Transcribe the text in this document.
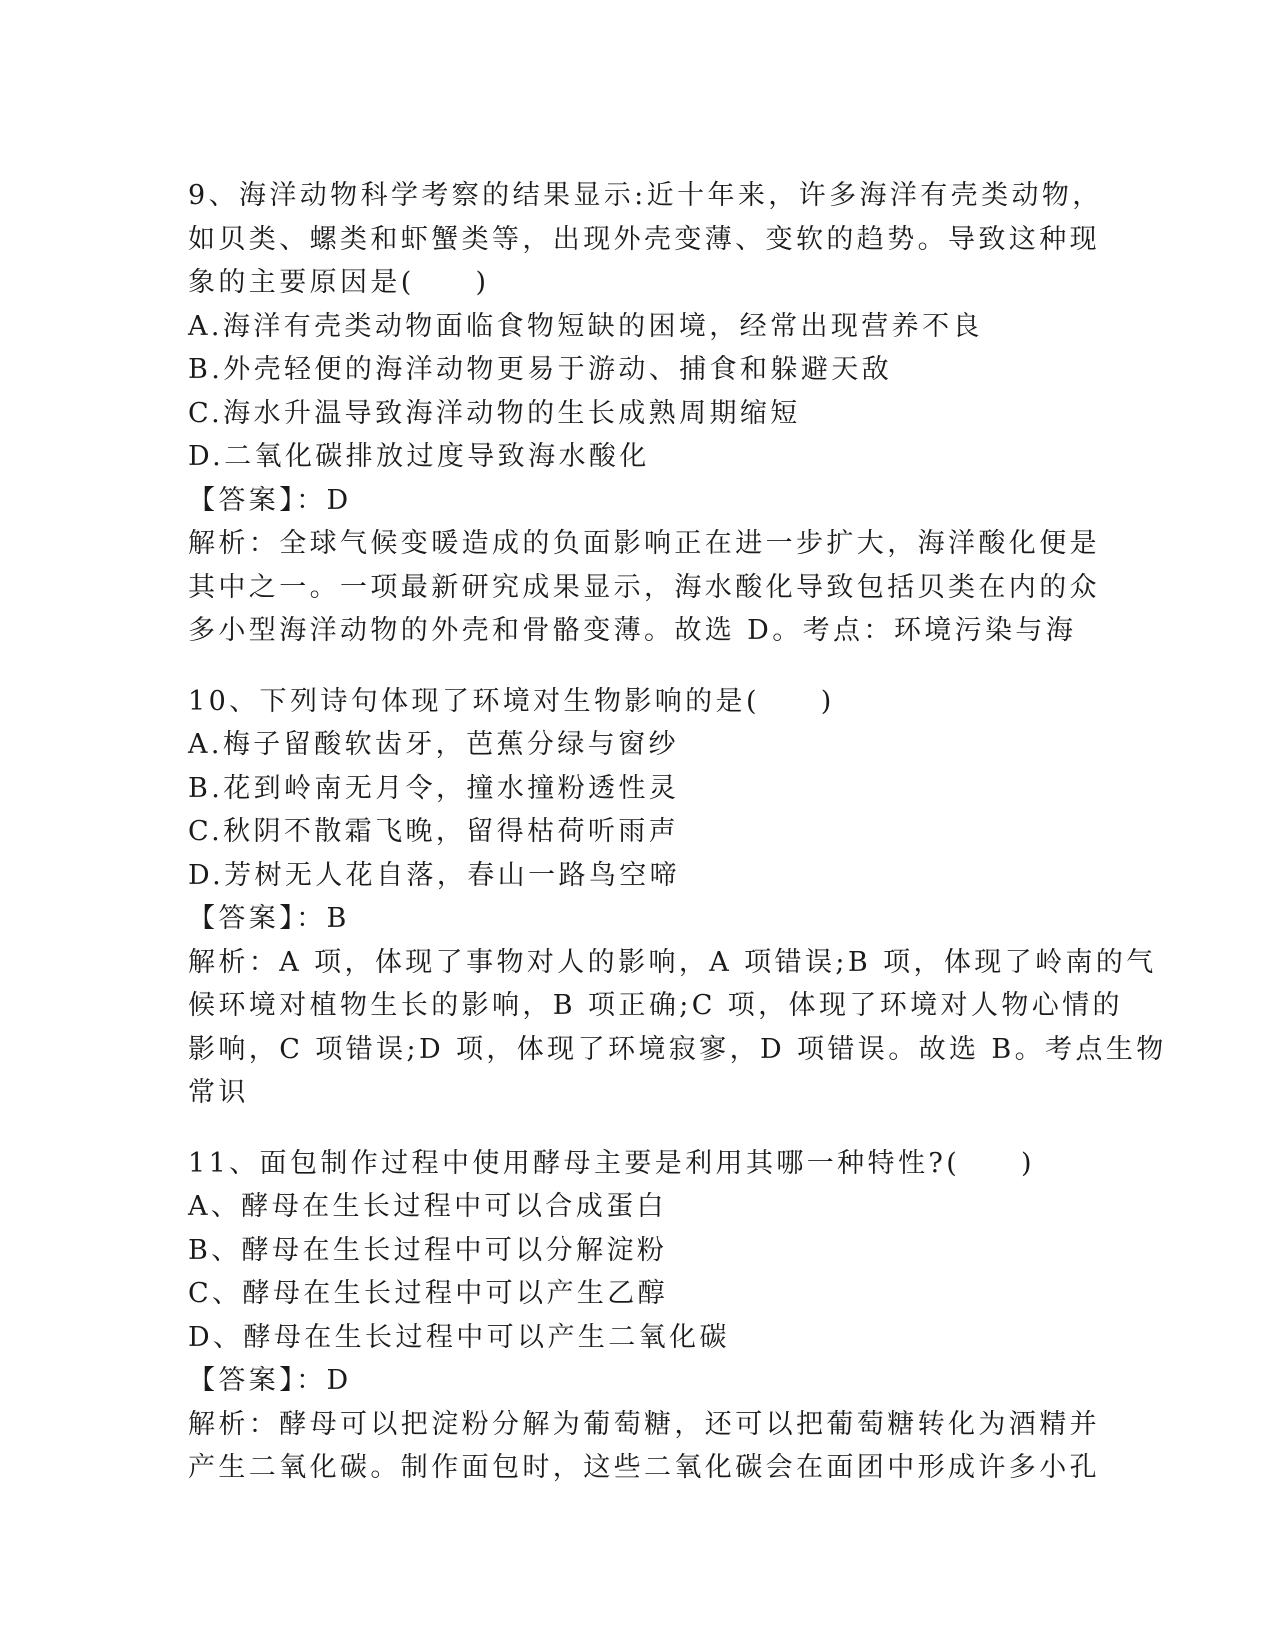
9、海洋动物科学考察的结果显示:近十年来，许多海洋有壳类动物，
如贝类、螺类和虾蟹类等，出现外壳变薄、变软的趋势。导致这种现
象的主要原因是(　　)
A.海洋有壳类动物面临食物短缺的困境，经常出现营养不良
B.外壳轻便的海洋动物更易于游动、捕食和躲避天敌
C.海水升温导致海洋动物的生长成熟周期缩短
D.二氧化碳排放过度导致海水酸化
【答案】：D
解析：全球气候变暖造成的负面影响正在进一步扩大，海洋酸化便是
其中之一。一项最新研究成果显示，海水酸化导致包括贝类在内的众
多小型海洋动物的外壳和骨骼变薄。故选 D。考点：环境污染与海
10、下列诗句体现了环境对生物影响的是(　　)
A.梅子留酸软齿牙，芭蕉分绿与窗纱
B.花到岭南无月令，撞水撞粉透性灵
C.秋阴不散霜飞晚，留得枯荷听雨声
D.芳树无人花自落，春山一路鸟空啼
【答案】：B
解析：A 项，体现了事物对人的影响，A 项错误;B 项，体现了岭南的气
候环境对植物生长的影响，B 项正确;C 项，体现了环境对人物心情的
影响，C 项错误;D 项，体现了环境寂寥，D 项错误。故选 B。考点生物
常识
11、面包制作过程中使用酵母主要是利用其哪一种特性?(　　)
A、酵母在生长过程中可以合成蛋白
B、酵母在生长过程中可以分解淀粉
C、酵母在生长过程中可以产生乙醇
D、酵母在生长过程中可以产生二氧化碳
【答案】：D
解析：酵母可以把淀粉分解为葡萄糖，还可以把葡萄糖转化为酒精并
产生二氧化碳。制作面包时，这些二氧化碳会在面团中形成许多小孔
